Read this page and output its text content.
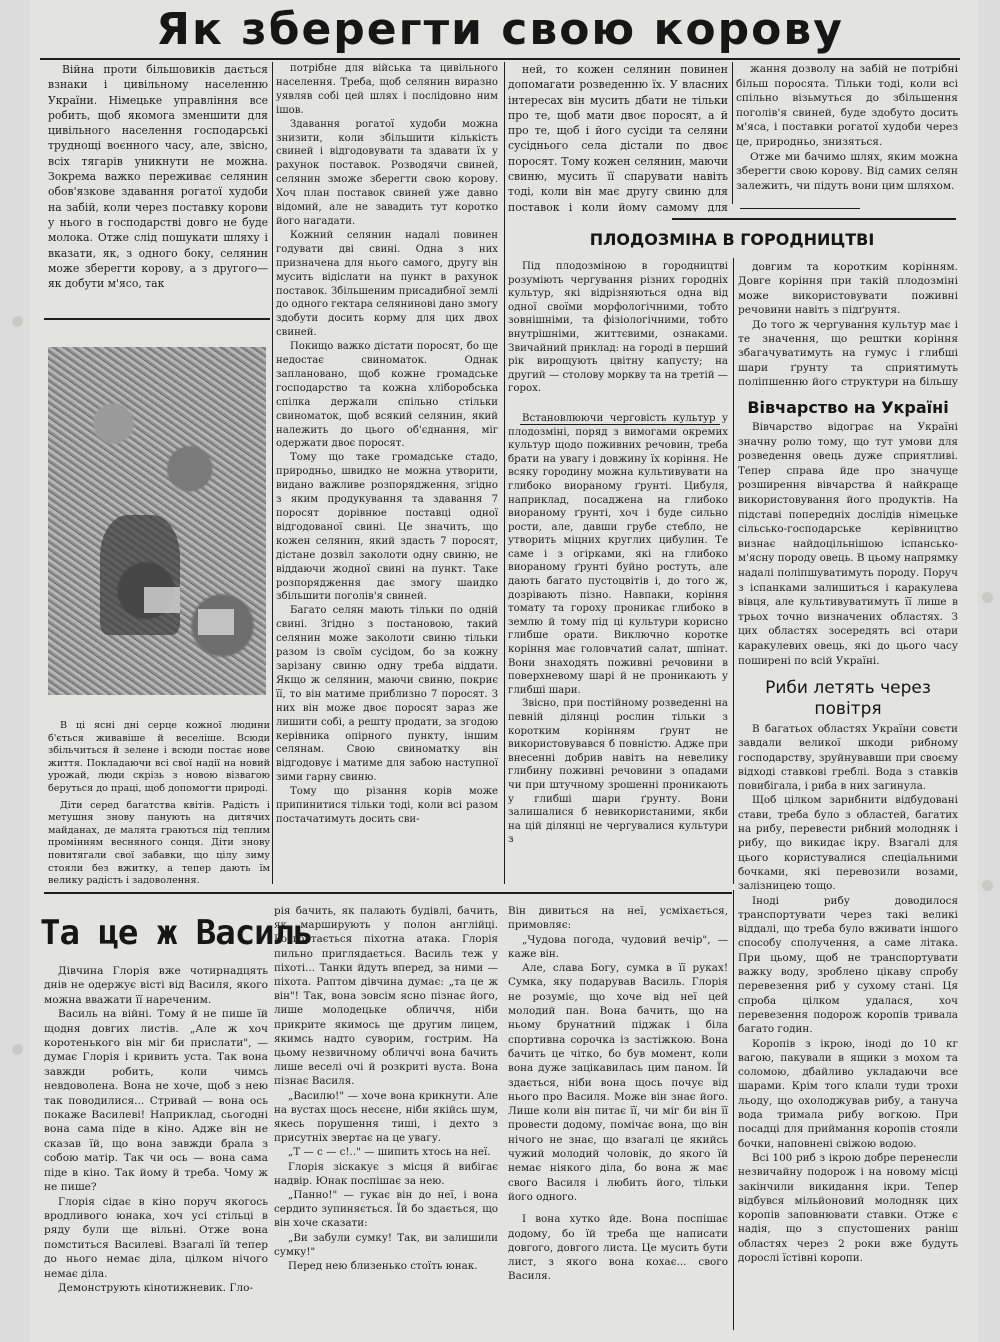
Як зберегти свою корову

Війна проти більшовиків дається взнаки і цивільному населенню України. Німецьке управління все робить, щоб якомога зменшити для цивільного населення господарські труднощі воєнного часу, але, звісно, всіх тягарів уникнути не можна. Зокрема важко переживає селянин обов'язкове здавання рогатої худоби на забій, коли через поставку корови у нього в господарстві довго не буде молока. Отже слід пошукати шляху і вказати, як, з одного боку, селянин може зберегти корову, а з другого—як добути м'ясо, так

потрібне для війська та цивільного населення. Треба, щоб селянин виразно уявляв собі цей шлях і послідовно ним ішов.

Здавання рогатої худоби можна знизити, коли збільшити кількість свиней і відгодовувати та здавати їх у рахунок поставок. Розводячи свиней, селянин зможе зберегти свою корову. Хоч план поставок свиней уже давно відомий, але не завадить тут коротко його нагадати.

Кожний селянин надалі повинен годувати дві свині. Одна з них призначена для нього самого, другу він мусить відіслати на пункт в рахунок поставок. Збільшеним присадибної землі до одного гектара селянинові дано змогу здобути досить корму для цих двох свиней.

Покищо важко дістати поросят, бо ще недостає свиноматок. Однак заплановано, щоб кожне громадське господарство та кожна хліборобська спілка держали спільно стільки свиноматок, щоб всякий селянин, який належить до цього об'єднання, міг одержати двоє поросят.

Тому що таке громадське стадо, природньо, швидко не можна утворити, видано важливе розпорядження, згідно з яким продукування та здавання 7 поросят дорівнюе поставці одної відгодованої свині. Це значить, що кожен селянин, який здасть 7 поросят, дістане дозвіл заколоти одну свиню, не віддаючи жодної свині на пункт. Таке розпорядження дає змогу шаидко збільшити поголів'я свиней.

Багато селян мають тільки по одній свині. Згідно з постановою, такий селянин може заколоти свиню тільки разом із своїм сусідом, бо за кожну зарізану свиню одну треба віддати. Якщо ж селянин, маючи свиню, покриє її, то він матиме приблизно 7 поросят. З них він може двоє поросят зараз же лишити собі, а решту продати, за згодою керівника опірного пункту, іншим селянам. Свою свиноматку він відгодовує і матиме для забою наступної зими гарну свиню.

Тому що різання корів може припинитися тільки тоді, коли всі разом постачатимуть досить сви-

ней, то кожен селянин повинен допомагати розведенню їх. У власних інтересах він мусить дбати не тільки про те, щоб мати двоє поросят, а й про те, щоб і його сусіди та селяни сусіднього села дістали по двоє поросят. Тому кожен селянин, маючи свиню, мусить її спарувати навіть тоді, коли він має другу свиню для поставок і коли йому самому для

жання дозволу на забій не потрібні більш поросята. Тільки тоді, коли всі спільно візьмуться до збільшення поголів'я свиней, буде здобуто досить м'яса, і поставки рогатої худоби через це, природньо, знизяться.

Отже ми бачимо шлях, яким можна зберегти свою корову. Від самих селян залежить, чи підуть вони цим шляхом.

В ці ясні дні серце кожної людини б'ється живавіше й веселіше. Всюди збільчиться й зелене і всюди постає нове життя. Покладаючи всі свої надії на новий урожай, люди скрізь з новою візвагою беруться до праці, щоб допомогти природі.

Діти серед багатства квітів. Радість і метушня знову панують на дитячих майданах, де малята граються під теплим промінням весняного сонця. Діти знову повитягали свої забавки, що цілу зиму стояли без вжитку, а тепер дають їм велику радість і задоволення.

ПЛОДОЗМІНА В ГОРОДНИЦТВІ

Під плодозміною в городництві розуміють чергування різних городніх культур, які відрізняються одна від одної своїми морфологічними, тобто зовнішніми, та фізіологічними, тобто внутрішніми, життєвими, ознаками. Звичайний приклад: на городі в перший рік вирощують цвітну капусту; на другий — столову моркву та на третій — горох.

Встановлюючи черговість культур у плодозміні, поряд з вимогами окремих культур щодо поживних речовин, треба брати на увагу і довжину їх коріння. Не всяку городину можна культивувати на глибоко виораному ґрунті. Цибуля, наприклад, посаджена на глибоко виораному ґрунті, хоч і буде сильно рости, але, давши грубе стебло, не утворить міцних круглих цибулин. Те саме і з огірками, які на глибоко виораному ґрунті буйно ростуть, але дають багато пустоцвітів і, до того ж, дозрівають пізно. Навпаки, коріння томату та гороху проникає глибоко в землю й тому під ці культури корисно глибше орати. Виключно коротке коріння має головчатий салат, шпінат. Вони знаходять поживні речовини в поверхневому шарі й не проникають у глибші шари.

Звісно, при постійному розведенні на певній ділянці рослин тільки з коротким корінням ґрунт не використовувався б повністю. Адже при внесенні добрив навіть на невелику глибину поживні речовини з опадами чи при штучному зрошенні проникають у глибші шари ґрунту. Вони залишалися б невикористаними, якби на цій ділянці не чергувалися культури з

довгим та коротким корінням. Довге коріння при такій плодозміні може використовувати поживні речовини навіть з підґрунтя.

До того ж чергування культур має і те значення, що рештки коріння збагачуватимуть на гумус і глибші шари ґрунту та сприятимуть поліпшенню його структури на більшу

Вівчарство на Україні

Вівчарство відограє на Україні значну ролю тому, що тут умови для розведення овець дуже сприятливі. Тепер справа йде про значуще розширення вівчарства й найкраще використовування його продуктів. На підставі попередніх дослідів німецьке сільсько-господарське керівництво визнає найдоцільнішою іспансько-м'ясну породу овець. В цьому напрямку надалі поліпшуватимуть породу. Поруч з іспанками залишиться і каракулева вівця, але культивуватимуть її лише в трьох точно визначених областях. З цих областях зосередять всі отари каракулевих овець, які до цього часу поширені по всій Україні.

Риби летять через повітря

В багатьох областях України совєти завдали великої шкоди рибному господарству, зруйнувавши при своєму відході ставкові греблі. Вода з ставків повибігала, і риба в них загинула.

Щоб цілком зарибнити відбудовані стави, треба було з областей, багатих на рибу, перевести рибний молодняк і рибу, що викидає ікру. Взагалі для цього користувалися спеціальними бочками, які перевозили возами, залізницею тощо.

Іноді рибу доводилося транспортувати через такі великі віддалі, що треба було вживати іншого способу сполучення, а саме літака. При цьому, щоб не транспортувати важку воду, зроблено цікаву спробу перевезення риб у сухому стані. Ця спроба цілком удалася, хоч перевезення подорож коропів тривала багато годин.

Коропів з ікрою, іноді до 10 кг вагою, пакували в ящики з мохом та соломою, дбайливо укладаючи все шарами. Крім того клали туди трохи льоду, що охолоджував рибу, а тануча вода тримала рибу вогкою. При посадці для приймання коропів стояли бочки, наповнені свіжою водою.

Всі 100 риб з ікрою добре перенесли незвичайну подорож і на новому місці закінчили викидання ікри. Тепер відбувся мільйоновий молодняк цих коропів заповнювати ставки. Отже є надія, що з спустошених раніш областях через 2 роки вже будуть дорослі їстівні коропи.

Та це ж Василь

Дівчина Глорія вже чотирнадцять днів не одержує вісті від Василя, якого можна вважати її нареченим.

Василь на війні. Тому й не пише їй щодня довгих листів. „Але ж хоч коротенького він міг би прислати", — думає Глорія і кривить уста. Так вона завжди робить, коли чимсь невдоволена. Вона не хоче, щоб з нею так поводилися... Стривай — вона ось покаже Василеві! Наприклад, сьогодні вона сама піде в кіно. Адже він не сказав їй, що вона завжди брала з собою матір. Так чи ось — вона сама піде в кіно. Так йому й треба. Чому ж не пише?

Глорія сідає в кіно поруч якогось вродливого юнака, хоч усі стільці в ряду були ще вільні. Отже вона помститься Василеві. Взагалі їй тепер до нього немає діла, цілком нічого немає діла.

Демонструють кінотижневик. Гло-

рія бачить, як палають будівлі, бачить, як марширують у полон англійці. Розгортається піхотна атака. Глорія пильно приглядається. Василь теж у піхоті... Танки йдуть вперед, за ними — піхота. Раптом дівчина думає: „та це ж він"! Так, вона зовсім ясно пізнає його, лише молодецьке обличчя, ніби прикрите якимось ще другим лицем, якимсь надто суворим, гострим. На цьому незвичному обличчі вона бачить лише веселі очі й розкриті вуста. Вона пізнає Василя.

„Василю!" — хоче вона крикнути. Але на вустах щось несєне, ніби якійсь шум, якесь порушення тиші, і дехто з присутніх звертає на це увагу.

„Т — с — с!.." — шипить хтось на неї.

Глорія зіскакує з місця й вибігає надвір. Юнак поспішає за нею.

„Панно!" — гукає він до неї, і вона сердито зупиняється. Їй бо здається, що він хоче сказати:

„Ви забули сумку! Так, ви залишили сумку!"

Перед нею близенько стоїть юнак.

Він дивиться на неї, усміхається, примовляє:

„Чудова погода, чудовий вечір", — каже він.

Але, слава Богу, сумка в її руках! Сумка, яку подарував Василь. Глорія не розуміє, що хоче від неї цей молодий пан. Вона бачить, що на ньому брунатний піджак і біла спортивна сорочка із застіжкою. Вона бачить це чітко, бо був момент, коли вона дуже зацікавилась цим паном. Їй здається, ніби вона щось почує від нього про Василя. Може він знає його. Лише коли він питає її, чи міг би він її провести додому, помічає вона, що він нічого не знає, що взагалі це якийсь чужий молодий чоловік, до якого їй немає ніякого діла, бо вона ж має свого Василя і любить його, тільки його одного.

І вона хутко йде. Вона поспішає додому, бо їй треба ще написати довгого, довгого листа. Це мусить бути лист, з якого вона кохає... свого Василя.
